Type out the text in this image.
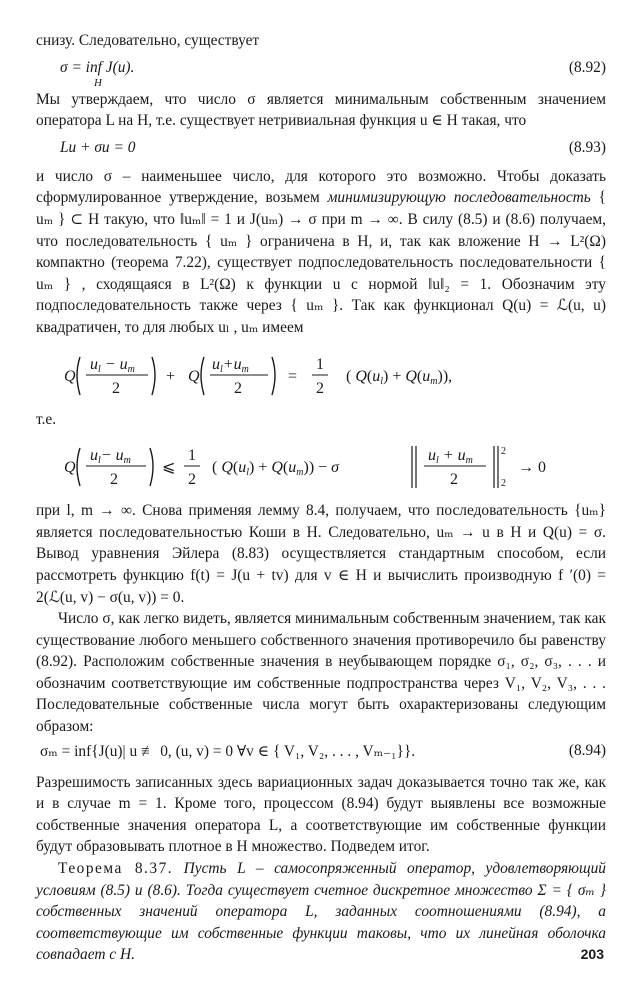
снизу. Следовательно, существует

σ = inf J(u).
H
(8.92)

Мы утверждаем, что число σ является минимальным собственным значением оператора L на H, т.е. существует нетривиальная функция u ∈ H такая, что

Lu + σu = 0	(8.93)

и число σ – наименьшее число, для которого это возможно. Чтобы доказать сформулированное утверждение, возьмем минимизирующую последовательность { uₘ } ⊂ H такую, что ‖uₘ‖ = 1 и J(uₘ) → σ при m → ∞. В силу (8.5) и (8.6) получаем, что последовательность { uₘ } ограничена в H, и, так как вложение H → L²(Ω) компактно (теорема 7.22), существует подпоследовательность последовательности { uₘ } , сходящаяся в L²(Ω) к функции u с нормой ‖u‖₂ = 1. Обозначим эту подпоследовательность также через { uₘ }. Так как функционал Q(u) = ℒ(u, u) квадратичен, то для любых uₗ , uₘ имеем

Q
ul − um
2
+ Q
ul+um
2
=
1
2
( Q(ul) + Q(um)),
Q((uₗ − uₘ)/2) + Q((uₗ + uₘ)/2) = 1/2 (Q(uₗ) + Q(uₘ)),

т.е.

Q
ul− um
2
⩽
1
2
( Q(ul) + Q(um)) − σ
ul + um
2
2
2
→ 0
Q((uₗ − uₘ)/2) ⩽ 1/2 (Q(uₗ) + Q(uₘ)) − σ ‖(uₗ + uₘ)/2‖₂² → 0

при l, m → ∞. Снова применяя лемму 8.4, получаем, что последовательность {uₘ} является последовательностью Коши в H. Следовательно, uₘ → u в H и Q(u) = σ. Вывод уравнения Эйлера (8.83) осуществляется стандартным способом, если рассмотреть функцию f(t) = J(u + tv) для v ∈ H и вычислить производную f ′(0) = 2(ℒ(u, v) − σ(u, v)) = 0.

Число σ, как легко видеть, является минимальным собственным значением, так как существование любого меньшего собственного значения противоречило бы равенству (8.92). Расположим собственные значения в неубывающем порядке σ₁, σ₂, σ₃, . . . и обозначим соответствующие им собственные подпространства через V₁, V₂, V₃, . . . Последовательные собственные числа могут быть охарактеризованы следующим образом:

σₘ = inf{J(u)| u ≢ 0, (u, v) = 0 ∀v ∈ { V₁, V₂, . . . , Vₘ₋₁}}.	(8.94)

Разрешимость записанных здесь вариационных задач доказывается точно так же, как и в случае m = 1. Кроме того, процессом (8.94) будут выявлены все возможные собственные значения оператора L, а соответствующие им собственные функции будут образовывать плотное в H множество. Подведем итог.

Теорема 8.37. Пусть L – самосопряженный оператор, удовлетворяющий условиям (8.5) и (8.6). Тогда существует счетное дискретное множество Σ = { σₘ } собственных значений оператора L, заданных соотношениями (8.94), а соответствующие им собственные функции таковы, что их линейная оболочка совпадает с H.	203
